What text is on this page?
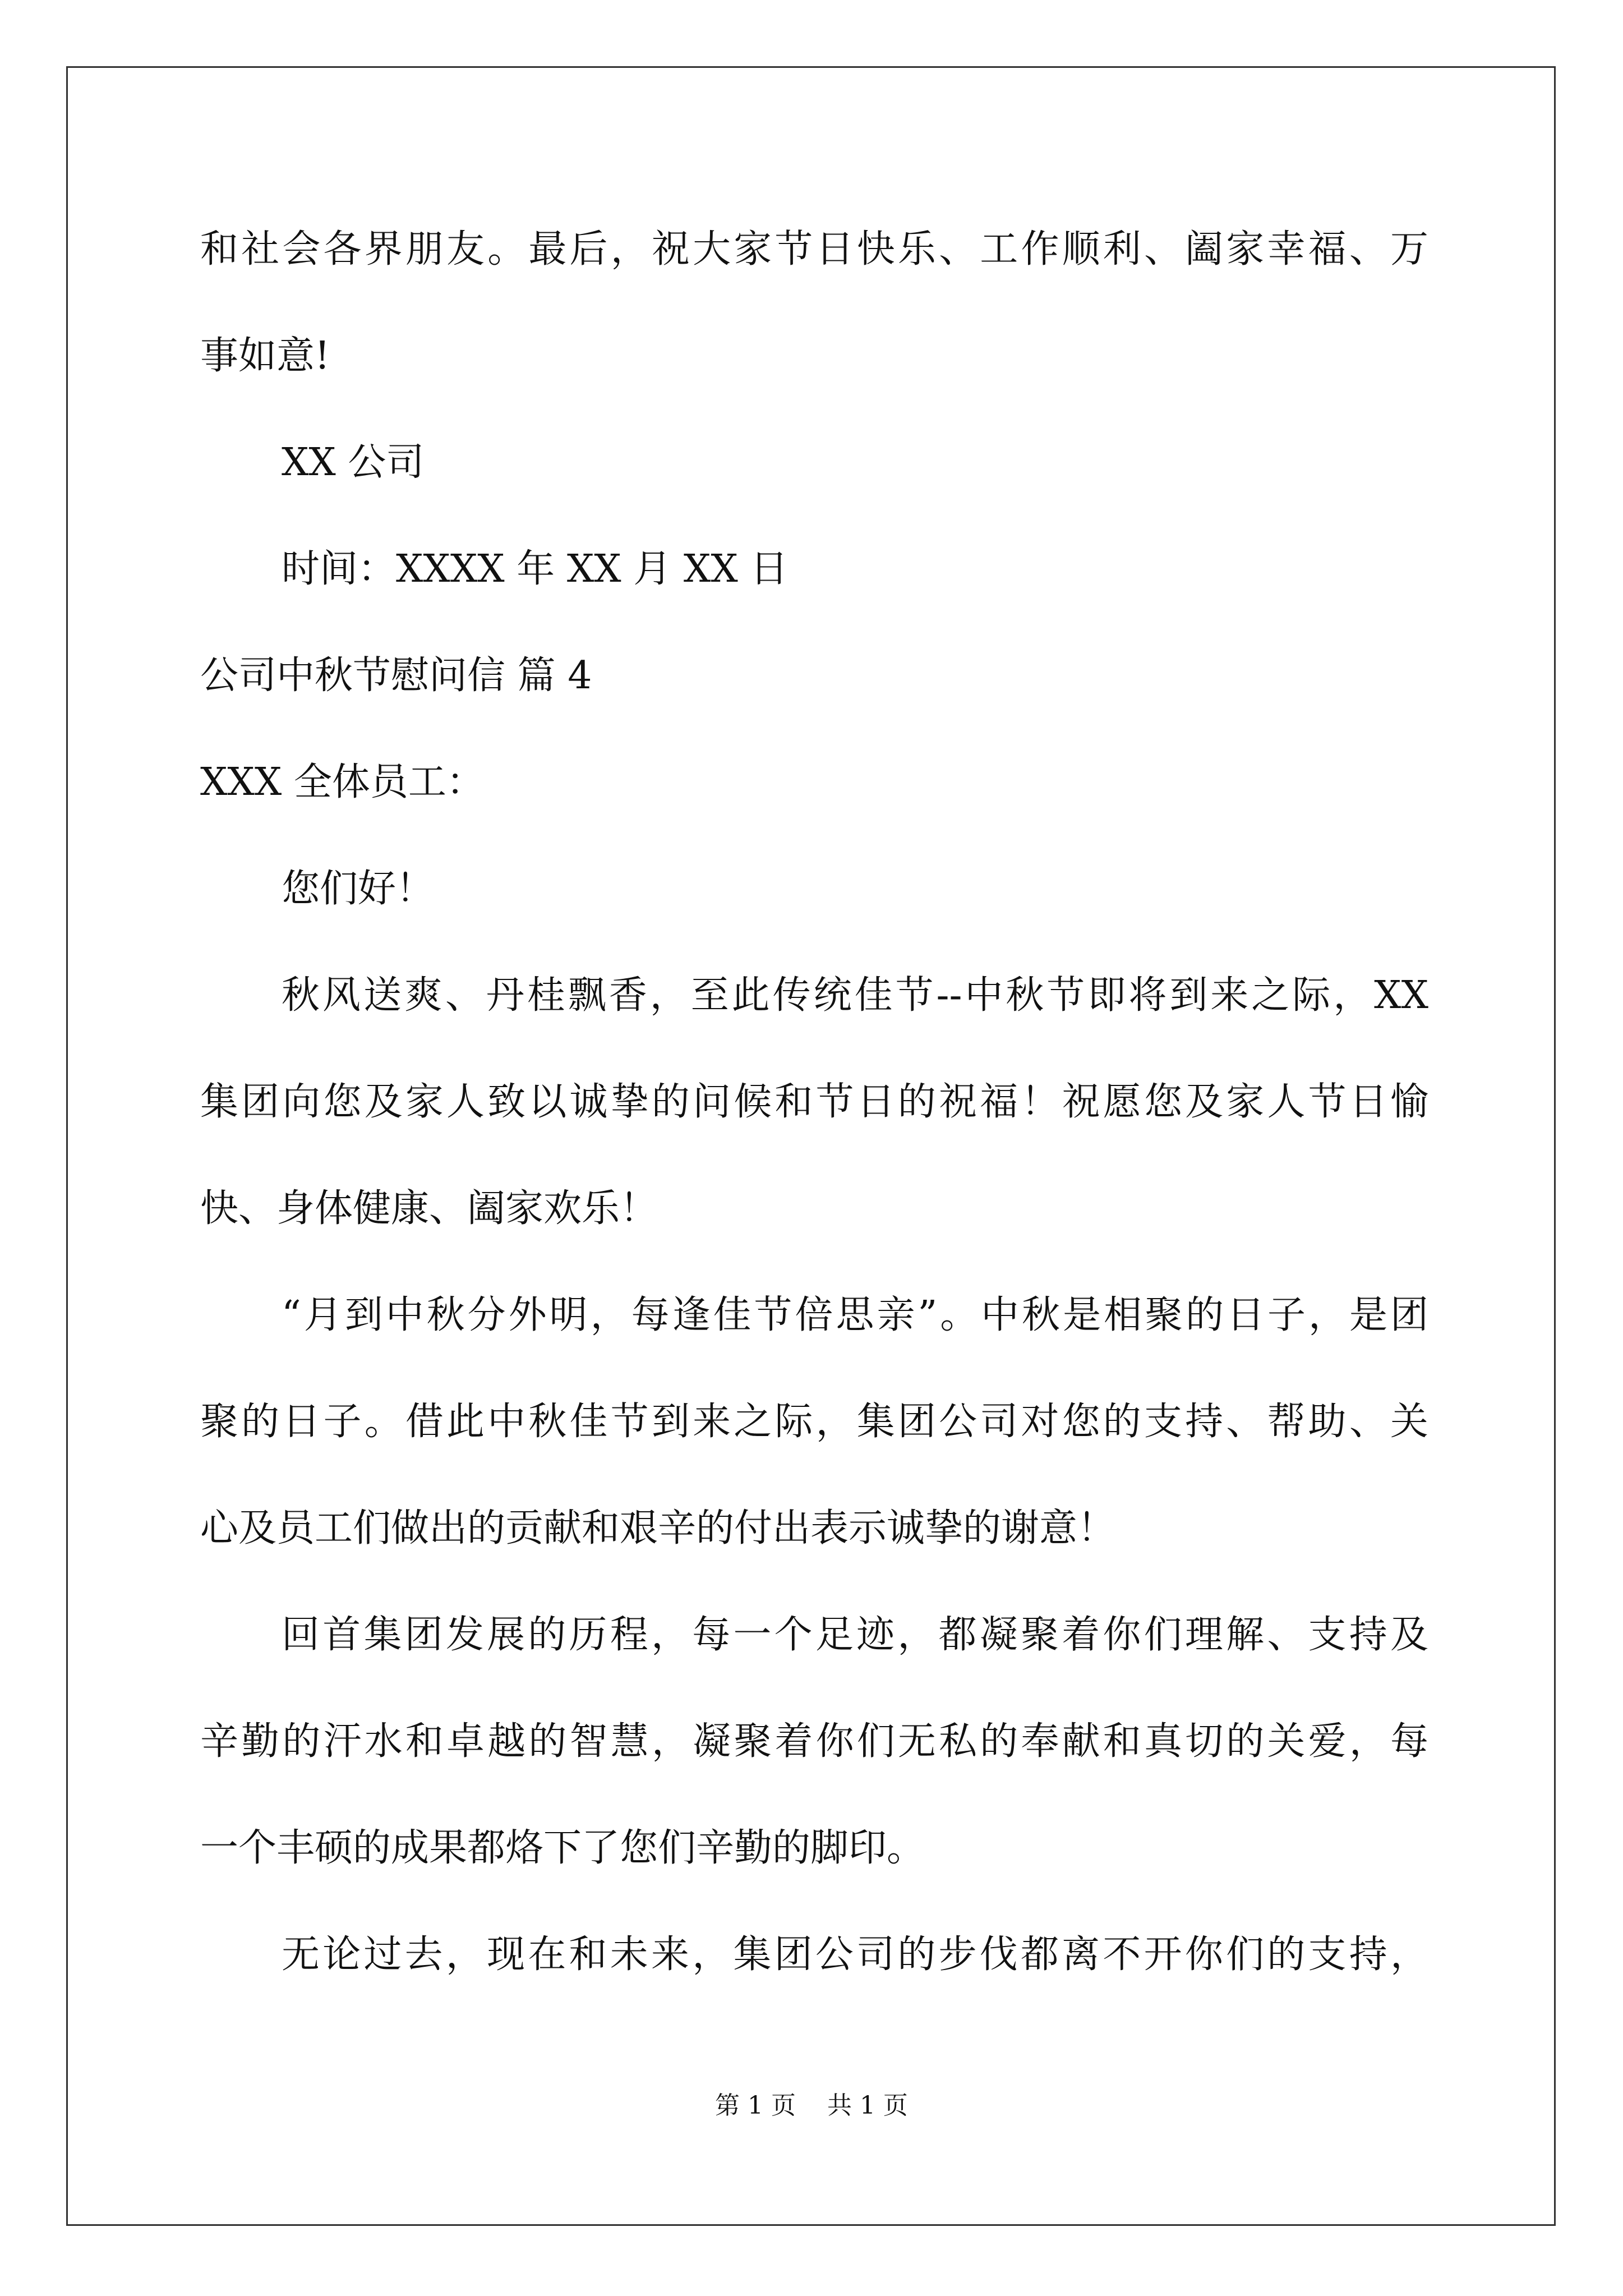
和社会各界朋友。最后，祝大家节日快乐、工作顺利、阖家幸福、万
事如意!
XX 公司
时间：XXXX 年 XX 月 XX 日
公司中秋节慰问信 篇 4
XXX 全体员工：
您们好！
秋风送爽、丹桂飘香，至此传统佳节--中秋节即将到来之际，XX
集团向您及家人致以诚挚的问候和节日的祝福！祝愿您及家人节日愉
快、身体健康、阖家欢乐！
“月到中秋分外明，每逢佳节倍思亲”。中秋是相聚的日子，是团
聚的日子。借此中秋佳节到来之际，集团公司对您的支持、帮助、关
心及员工们做出的贡献和艰辛的付出表示诚挚的谢意！
回首集团发展的历程，每一个足迹，都凝聚着你们理解、支持及
辛勤的汗水和卓越的智慧，凝聚着你们无私的奉献和真切的关爱，每
一个丰硕的成果都烙下了您们辛勤的脚印。
无论过去，现在和未来，集团公司的步伐都离不开你们的支持，
第 1 页    共 1 页
